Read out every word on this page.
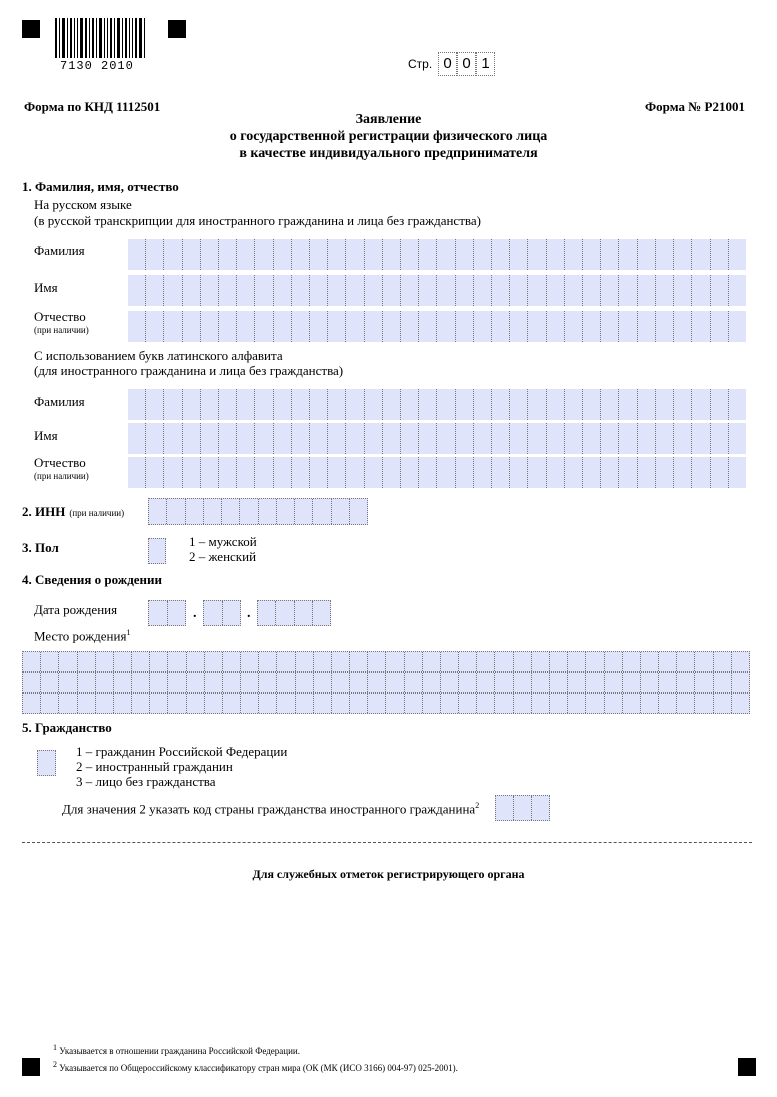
7130 2010	Стр. 0 0 1
Форма по КНД 1112501	Форма № Р21001
Заявление
о государственной регистрации физического лица
в качестве индивидуального предпринимателя
1. Фамилия, имя, отчество
На русском языке
(в русской транскрипции для иностранного гражданина и лица без гражданства)
Фамилия
Имя
Отчество
(при наличии)
С использованием букв латинского алфавита
(для иностранного гражданина и лица без гражданства)
Фамилия
Имя
Отчество
(при наличии)
2. ИНН (при наличии)
3. Пол	1 – мужской
2 – женский
4. Сведения о рождении
Дата рождения	.	.
Место рождения$^1$
5. Гражданство
1 – гражданин Российской Федерации
2 – иностранный гражданин
3 – лицо без гражданства
Для значения 2 указать код страны гражданства иностранного гражданина$^2$
Для служебных отметок регистрирующего органа
1 Указывается в отношении гражданина Российской Федерации.
2 Указывается по Общероссийскому классификатору стран мира (ОК (МК (ИСО 3166) 004-97) 025-2001).
